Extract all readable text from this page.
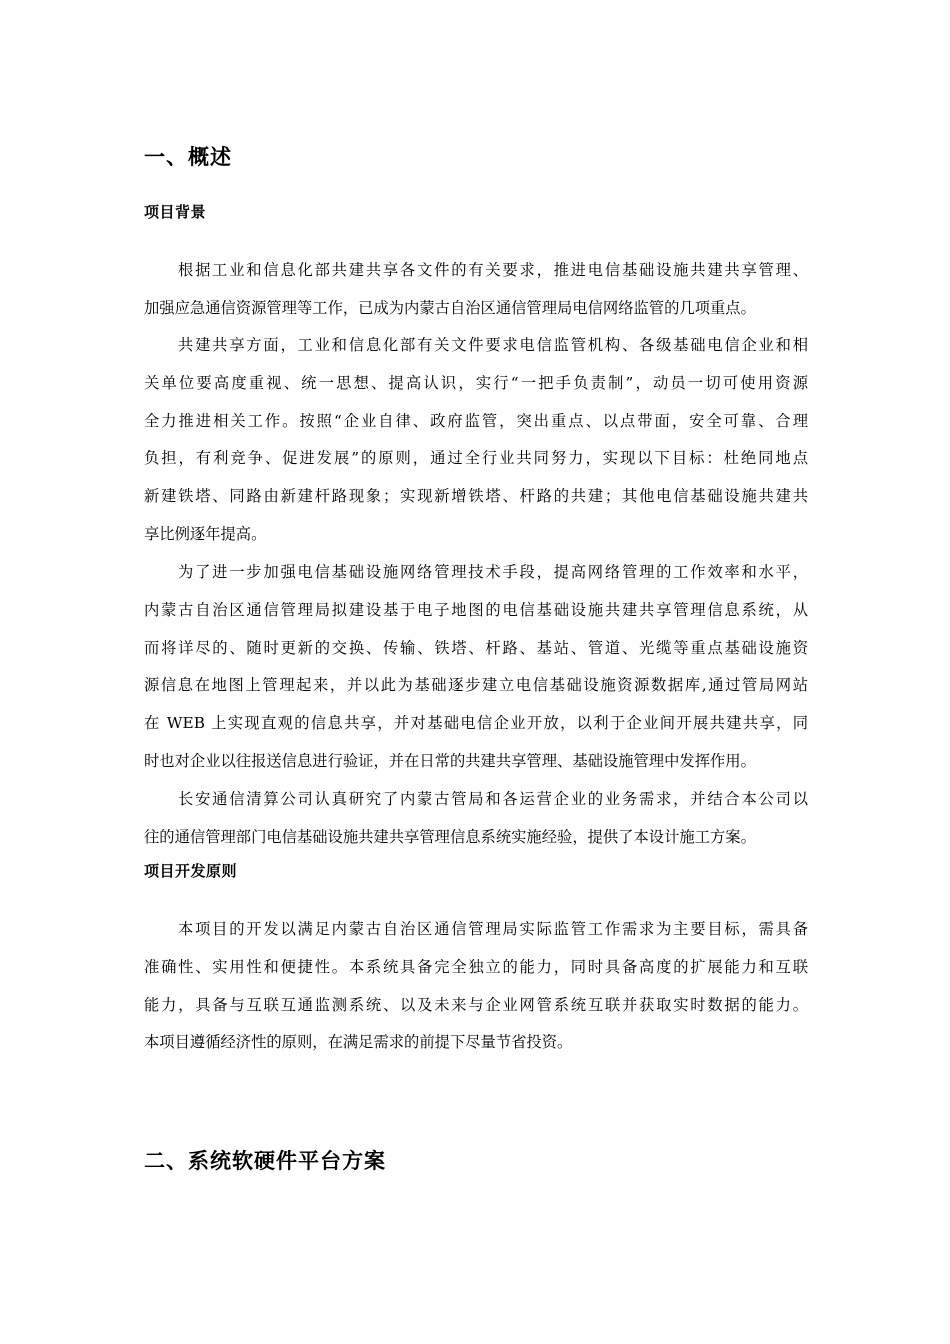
一、概述
项目背景
根据工业和信息化部共建共享各文件的有关要求，推进电信基础设施共建共享管理、
加强应急通信资源管理等工作，已成为内蒙古自治区通信管理局电信网络监管的几项重点。
共建共享方面，工业和信息化部有关文件要求电信监管机构、各级基础电信企业和相
关单位要高度重视、统一思想、提高认识，实行“一把手负责制”，动员一切可使用资源
全力推进相关工作。按照“企业自律、政府监管，突出重点、以点带面，安全可靠、合理
负担，有利竞争、促进发展”的原则，通过全行业共同努力，实现以下目标：杜绝同地点
新建铁塔、同路由新建杆路现象；实现新增铁塔、杆路的共建；其他电信基础设施共建共
享比例逐年提高。
为了进一步加强电信基础设施网络管理技术手段，提高网络管理的工作效率和水平，
内蒙古自治区通信管理局拟建设基于电子地图的电信基础设施共建共享管理信息系统，从
而将详尽的、随时更新的交换、传输、铁塔、杆路、基站、管道、光缆等重点基础设施资
源信息在地图上管理起来，并以此为基础逐步建立电信基础设施资源数据库,通过管局网站
在 WEB 上实现直观的信息共享，并对基础电信企业开放，以利于企业间开展共建共享，同
时也对企业以往报送信息进行验证，并在日常的共建共享管理、基础设施管理中发挥作用。
长安通信清算公司认真研究了内蒙古管局和各运营企业的业务需求，并结合本公司以
往的通信管理部门电信基础设施共建共享管理信息系统实施经验，提供了本设计施工方案。
项目开发原则
本项目的开发以满足内蒙古自治区通信管理局实际监管工作需求为主要目标，需具备
准确性、实用性和便捷性。本系统具备完全独立的能力，同时具备高度的扩展能力和互联
能力，具备与互联互通监测系统、以及未来与企业网管系统互联并获取实时数据的能力。
本项目遵循经济性的原则，在满足需求的前提下尽量节省投资。
二、系统软硬件平台方案
